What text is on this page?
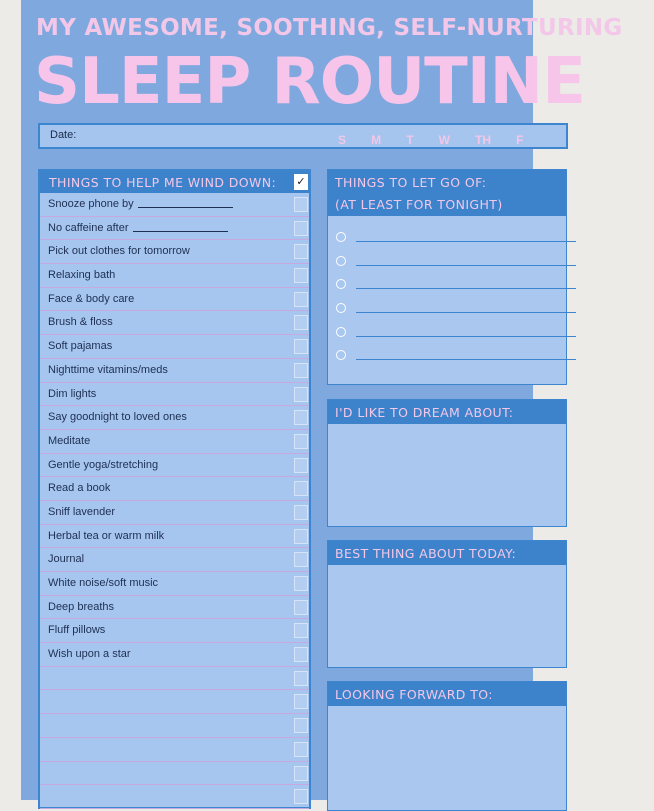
MY AWESOME, SOOTHING, SELF-NURTURING
SLEEP ROUTINE
Date:	S M T W TH F
THINGS TO HELP ME WIND DOWN: ✓
Snooze phone by
No caffeine after
Pick out clothes for tomorrow
Relaxing bath
Face & body care
Brush & floss
Soft pajamas
Nighttime vitamins/meds
Dim lights
Say goodnight to loved ones
Meditate
Gentle yoga/stretching
Read a book
Sniff lavender
Herbal tea or warm milk
Journal
White noise/soft music
Deep breaths
Fluff pillows
Wish upon a star
THINGS TO LET GO OF:
(AT LEAST FOR TONIGHT)
I'D LIKE TO DREAM ABOUT:
BEST THING ABOUT TODAY:
LOOKING FORWARD TO:
